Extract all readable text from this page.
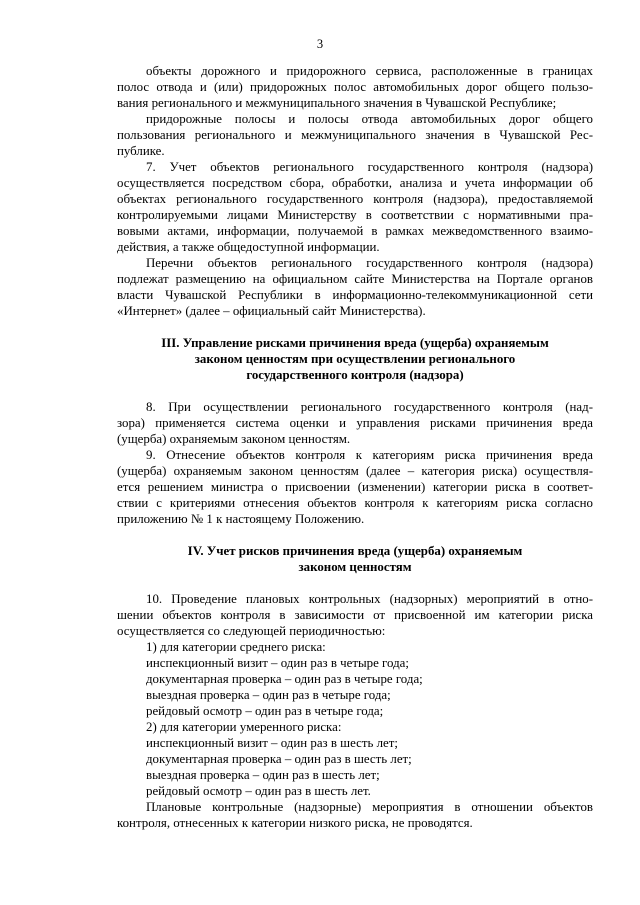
3
объекты дорожного и придорожного сервиса, расположенные в границах
полос отвода и (или) придорожных полос автомобильных дорог общего пользо-
вания регионального и межмуниципального значения в Чувашской Республике;
придорожные полосы и полосы отвода автомобильных дорог общего
пользования регионального и межмуниципального значения в Чувашской Рес-
публике.
7. Учет объектов регионального государственного контроля (надзора)
осуществляется посредством сбора, обработки, анализа и учета информации об
объектах регионального государственного контроля (надзора), предоставляемой
контролируемыми лицами Министерству в соответствии с нормативными пра-
вовыми актами, информации, получаемой в рамках межведомственного взаимо-
действия, а также общедоступной информации.
Перечни объектов регионального государственного контроля (надзора)
подлежат размещению на официальном сайте Министерства на Портале органов
власти Чувашской Республики в информационно-телекоммуникационной сети
«Интернет» (далее – официальный сайт Министерства).
III. Управление рисками причинения вреда (ущерба) охраняемым
законом ценностям при осуществлении регионального
государственного контроля (надзора)
8. При осуществлении регионального государственного контроля (над-
зора) применяется система оценки и управления рисками причинения вреда
(ущерба) охраняемым законом ценностям.
9. Отнесение объектов контроля к категориям риска причинения вреда
(ущерба) охраняемым законом ценностям (далее – категория риска) осуществля-
ется решением министра о присвоении (изменении) категории риска в соответ-
ствии с критериями отнесения объектов контроля к категориям риска согласно
приложению № 1 к настоящему Положению.
IV. Учет рисков причинения вреда (ущерба) охраняемым
законом ценностям
10. Проведение плановых контрольных (надзорных) мероприятий в отно-
шении объектов контроля в зависимости от присвоенной им категории риска
осуществляется со следующей периодичностью:
1) для категории среднего риска:
инспекционный визит – один раз в четыре года;
документарная проверка – один раз в четыре года;
выездная проверка – один раз в четыре года;
рейдовый осмотр – один раз в четыре года;
2) для категории умеренного риска:
инспекционный визит – один раз в шесть лет;
документарная проверка – один раз в шесть лет;
выездная проверка – один раз в шесть лет;
рейдовый осмотр – один раз в шесть лет.
Плановые контрольные (надзорные) мероприятия в отношении объектов
контроля, отнесенных к категории низкого риска, не проводятся.
